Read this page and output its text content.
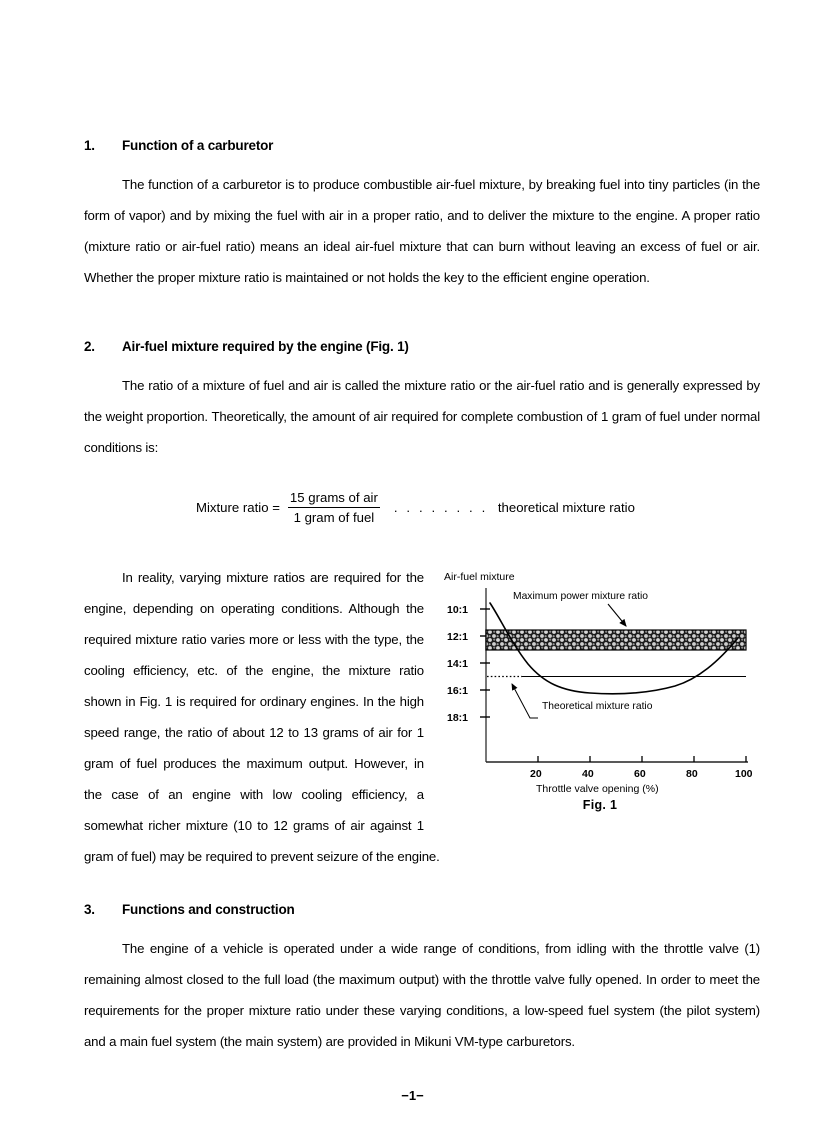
1.	Function of a carburetor

The function of a carburetor is to produce combustible air-fuel mixture, by breaking fuel into tiny particles (in the form of vapor) and by mixing the fuel with air in a proper ratio, and to deliver the mixture to the engine. A proper ratio (mixture ratio or air-fuel ratio) means an ideal air-fuel mixture that can burn without leaving an excess of fuel or air. Whether the proper mixture ratio is maintained or not holds the key to the efficient engine operation.

2.	Air-fuel mixture required by the engine (Fig. 1)

The ratio of a mixture of fuel and air is called the mixture ratio or the air-fuel ratio and is generally expressed by the weight proportion. Theoretically, the amount of air required for complete combustion of 1 gram of fuel under normal conditions is:

Mixture ratio = $\frac{\text{15 grams of air}}{\text{1 gram of fuel}}$ . . . . . . . . theoretical mixture ratio
Air-fuel mixture
10:1
12:1
14:1
16:1
18:1
Maximum power mixture ratio
Theoretical mixture ratio
20	40	60	80	100
Throttle valve opening (%)
Fig. 1

In reality, varying mixture ratios are required for the engine, depending on operating conditions. Although the required mixture ratio varies more or less with the type, the cooling efficiency, etc. of the engine, the mixture ratio shown in Fig. 1 is required for ordinary engines. In the high speed range, the ratio of about 12 to 13 grams of air for 1 gram of fuel produces the maximum output. However, in the case of an engine with low cooling efficiency, a somewhat richer mixture (10 to 12 grams of air against 1 gram of fuel) may be required to prevent seizure of the engine.

3.	Functions and construction

The engine of a vehicle is operated under a wide range of conditions, from idling with the throttle valve (1) remaining almost closed to the full load (the maximum output) with the throttle valve fully opened. In order to meet the requirements for the proper mixture ratio under these varying conditions, a low-speed fuel system (the pilot system) and a main fuel system (the main system) are provided in Mikuni VM-type carburetors.

−1−
